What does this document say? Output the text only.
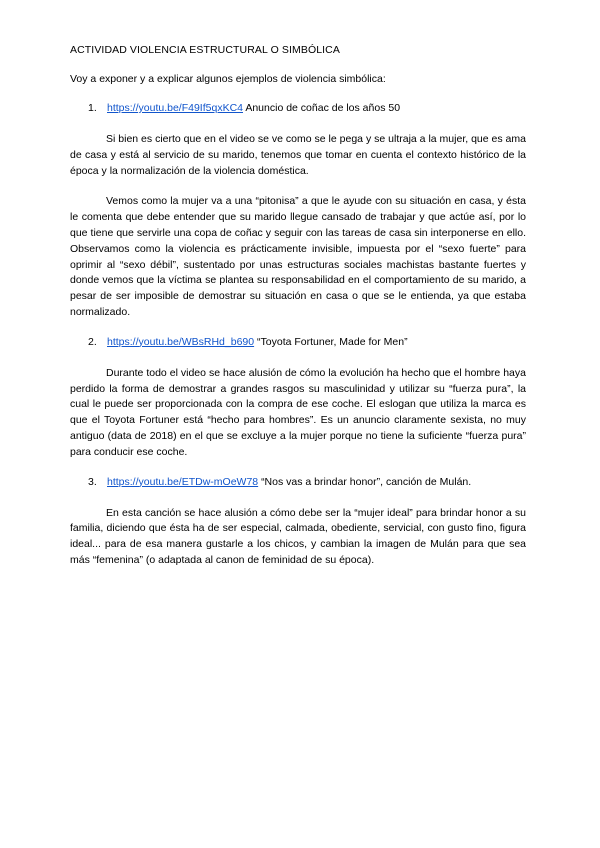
ACTIVIDAD VIOLENCIA ESTRUCTURAL O SIMBÓLICA
Voy a exponer y a explicar algunos ejemplos de violencia simbólica:
1. https://youtu.be/F49If5qxKC4 Anuncio de coñac de los años 50

Si bien es cierto que en el video se ve como se le pega y se ultraja a la mujer, que es ama de casa y está al servicio de su marido, tenemos que tomar en cuenta el contexto histórico de la época y la normalización de la violencia doméstica.

Vemos como la mujer va a una “pitonisa” a que le ayude con su situación en casa, y ésta le comenta que debe entender que su marido llegue cansado de trabajar y que actúe así, por lo que tiene que servirle una copa de coñac y seguir con las tareas de casa sin interponerse en ello. Observamos como la violencia es prácticamente invisible, impuesta por el “sexo fuerte” para oprimir al “sexo débil”, sustentado por unas estructuras sociales machistas bastante fuertes y donde vemos que la víctima se plantea su responsabilidad en el comportamiento de su marido, a pesar de ser imposible de demostrar su situación en casa o que se le entienda, ya que estaba normalizado.

2. https://youtu.be/WBsRHd_b690 “Toyota Fortuner, Made for Men”

Durante todo el video se hace alusión de cómo la evolución ha hecho que el hombre haya perdido la forma de demostrar a grandes rasgos su masculinidad y utilizar su “fuerza pura”, la cual le puede ser proporcionada con la compra de ese coche. El eslogan que utiliza la marca es que el Toyota Fortuner está “hecho para hombres”. Es un anuncio claramente sexista, no muy antiguo (data de 2018) en el que se excluye a la mujer porque no tiene la suficiente “fuerza pura” para conducir ese coche.

3. https://youtu.be/ETDw-mOeW78 “Nos vas a brindar honor”, canción de Mulán.

En esta canción se hace alusión a cómo debe ser la “mujer ideal” para brindar honor a su familia, diciendo que ésta ha de ser especial, calmada, obediente, servicial, con gusto fino, figura ideal... para de esa manera gustarle a los chicos, y cambian la imagen de Mulán para que sea más “femenina” (o adaptada al canon de feminidad de su época).
